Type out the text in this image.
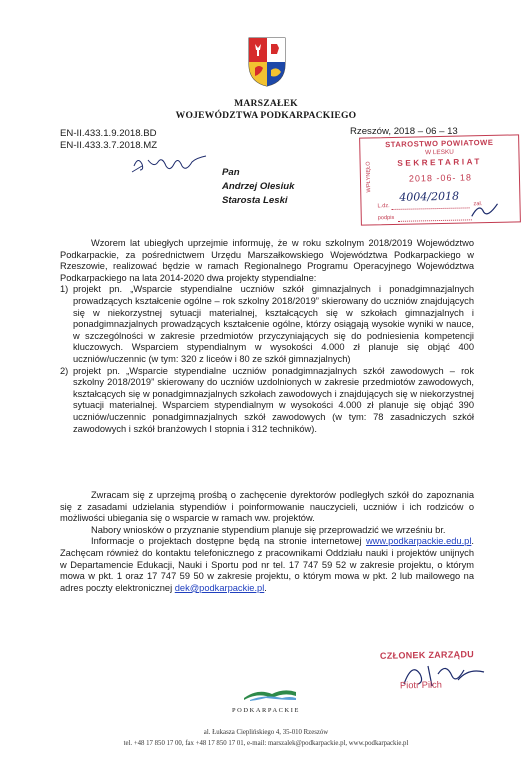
MARSZAŁEK
WOJEWÓDZTWA PODKARPACKIEGO
EN-II.433.1.9.2018.BD
EN-II.433.3.7.2018.MZ
Rzeszów, 2018 – 06 – 13
STAROSTWO POWIATOWE
W LESKU
SEKRETARIAT
WPŁYNĘŁO	2018 -06- 18
L.dz.
4004/2018
zał.
podpis
Pan
Andrzej Olesiuk
Starosta Leski

Wzorem lat ubiegłych uprzejmie informuję, że w roku szkolnym 2018/2019 Województwo Podkarpackie, za pośrednictwem Urzędu Marszałkowskiego Województwa Podkarpackiego w Rzeszowie, realizować będzie w ramach Regionalnego Programu Operacyjnego Województwa Podkarpackiego na lata 2014-2020 dwa projekty stypendialne:

1) projekt pn. „Wsparcie stypendialne uczniów szkół gimnazjalnych i ponadgimnazjalnych prowadzących kształcenie ogólne – rok szkolny 2018/2019” skierowany do uczniów znajdujących się w niekorzystnej sytuacji materialnej, kształcących się w szkołach gimnazjalnych i ponadgimnazjalnych prowadzących kształcenie ogólne, którzy osiągają wysokie wyniki w nauce, w szczególności w zakresie przedmiotów przyczyniających się do podniesienia kompetencji kluczowych. Wsparciem stypendialnym w wysokości 4.000 zł planuje się objąć 400 uczniów/uczennic (w tym: 320 z liceów i 80 ze szkół gimnazjalnych)
2) projekt pn. „Wsparcie stypendialne uczniów ponadgimnazjalnych szkół zawodowych – rok szkolny 2018/2019” skierowany do uczniów uzdolnionych w zakresie przedmiotów zawodowych, kształcących się w ponadgimnazjalnych szkołach zawodowych i znajdujących się w niekorzystnej sytuacji materialnej. Wsparciem stypendialnym w wysokości 4.000 zł planuje się objąć 390 uczniów/uczennic ponadgimnazjalnych szkół zawodowych (w tym: 78 zasadniczych szkół zawodowych i szkół branżowych I stopnia i 312 techników).

Zwracam się z uprzejmą prośbą o zachęcenie dyrektorów podległych szkół do zapoznania się z zasadami udzielania stypendiów i poinformowanie nauczycieli, uczniów i ich rodziców o możliwości ubiegania się o wsparcie w ramach ww. projektów.

Nabory wniosków o przyznanie stypendium planuje się przeprowadzić we wrześniu br.

Informacje o projektach dostępne będą na stronie internetowej www.podkarpackie.edu.pl. Zachęcam również do kontaktu telefonicznego z pracownikami Oddziału nauki i projektów unijnych w Departamencie Edukacji, Nauki i Sportu pod nr tel. 17 747 59 52 w zakresie projektu, o którym mowa w pkt. 1 oraz 17 747 59 50 w zakresie projektu, o którym mowa w pkt. 2 lub mailowego na adres poczty elektronicznej dek@podkarpackie.pl.

CZŁONEK ZARZĄDU
Piotr Pilch
PODKARPACKIE
al. Łukasza Cieplińskiego 4, 35-010 Rzeszów
tel. +48 17 850 17 00, fax +48 17 850 17 01, e-mail: marszalek@podkarpackie.pl, www.podkarpackie.pl
